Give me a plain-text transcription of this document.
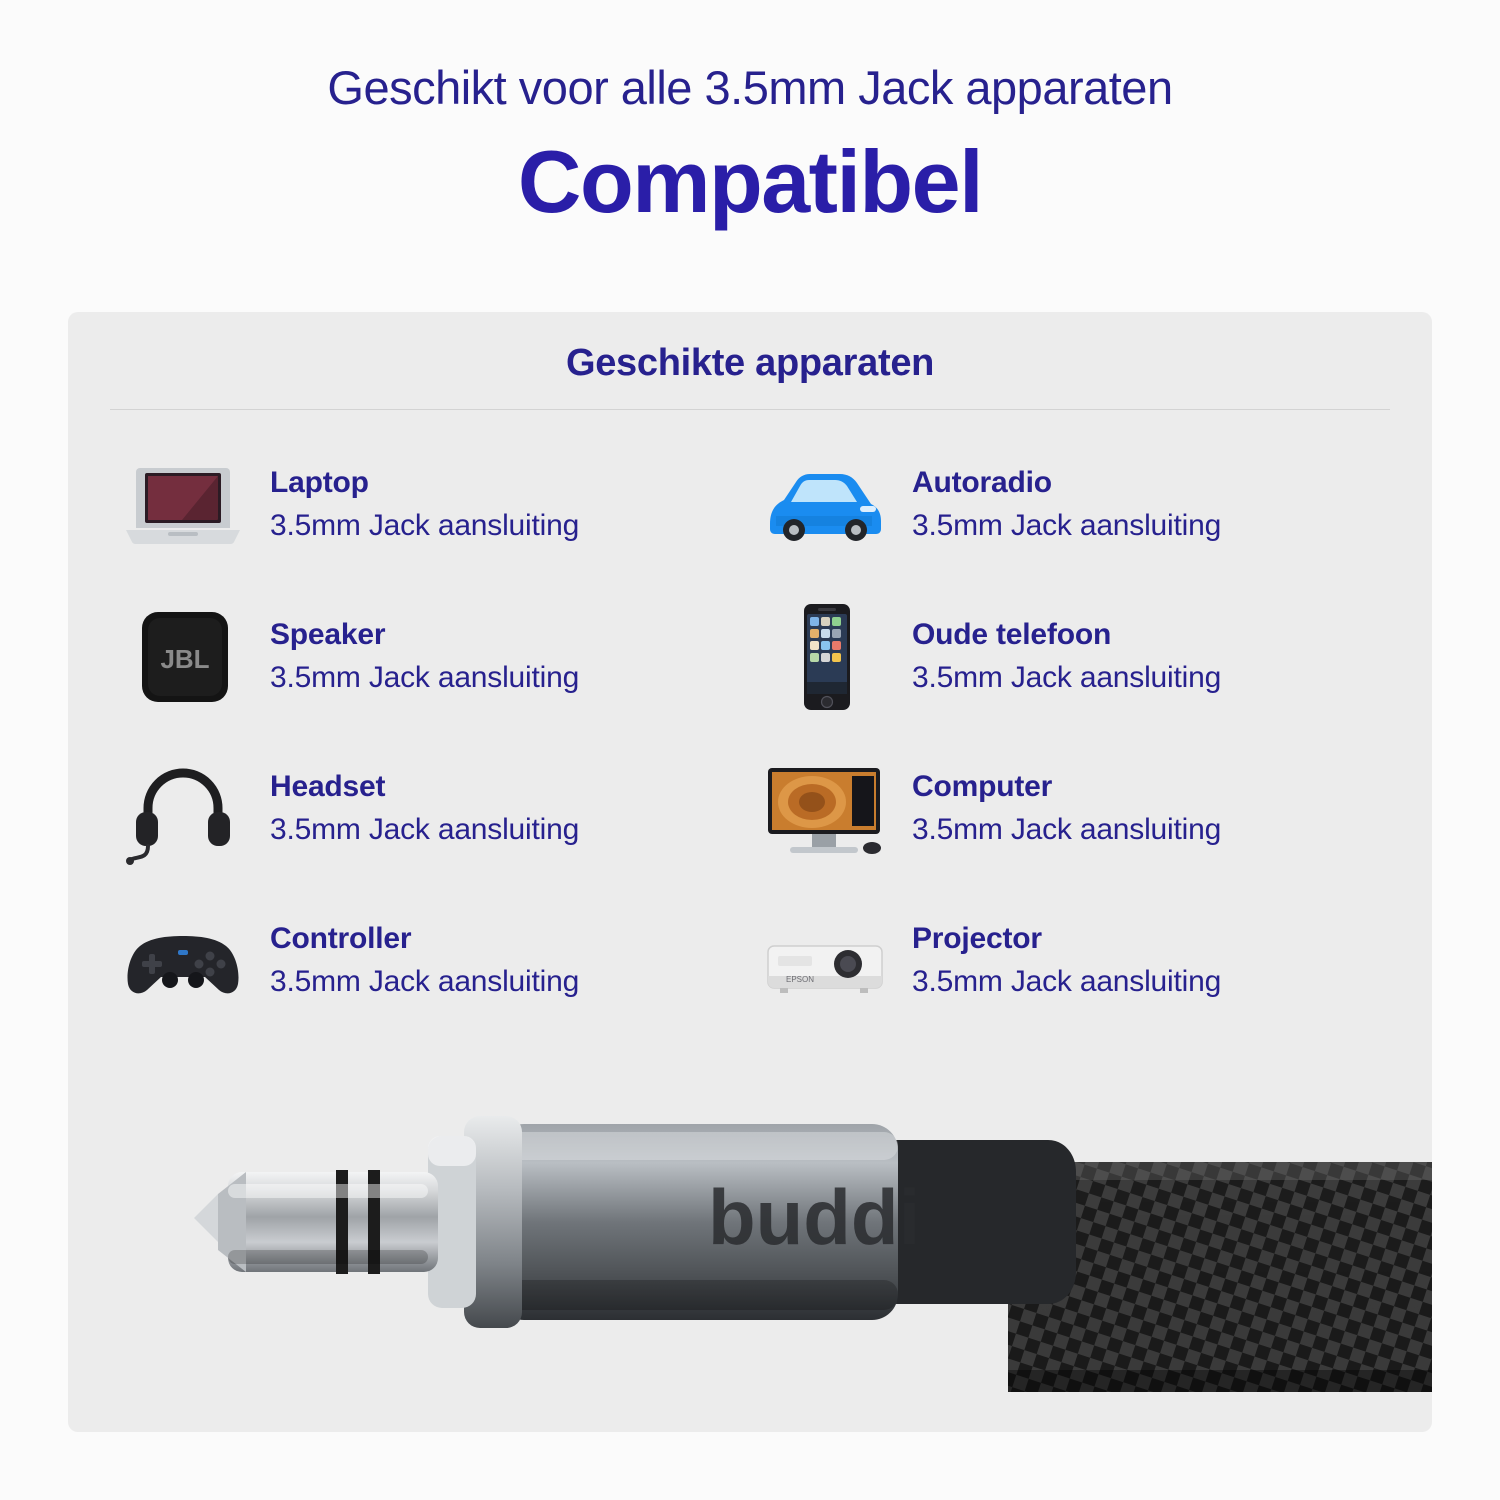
Geschikt voor alle 3.5mm Jack apparaten
Compatibel
Geschikte apparaten
Laptop
3.5mm Jack aansluiting
Autoradio
3.5mm Jack aansluiting
JBL
Speaker
3.5mm Jack aansluiting
Oude telefoon
3.5mm Jack aansluiting
Headset
3.5mm Jack aansluiting
Computer
3.5mm Jack aansluiting
Controller
3.5mm Jack aansluiting	EPSON
Projector
3.5mm Jack aansluiting
buddi
